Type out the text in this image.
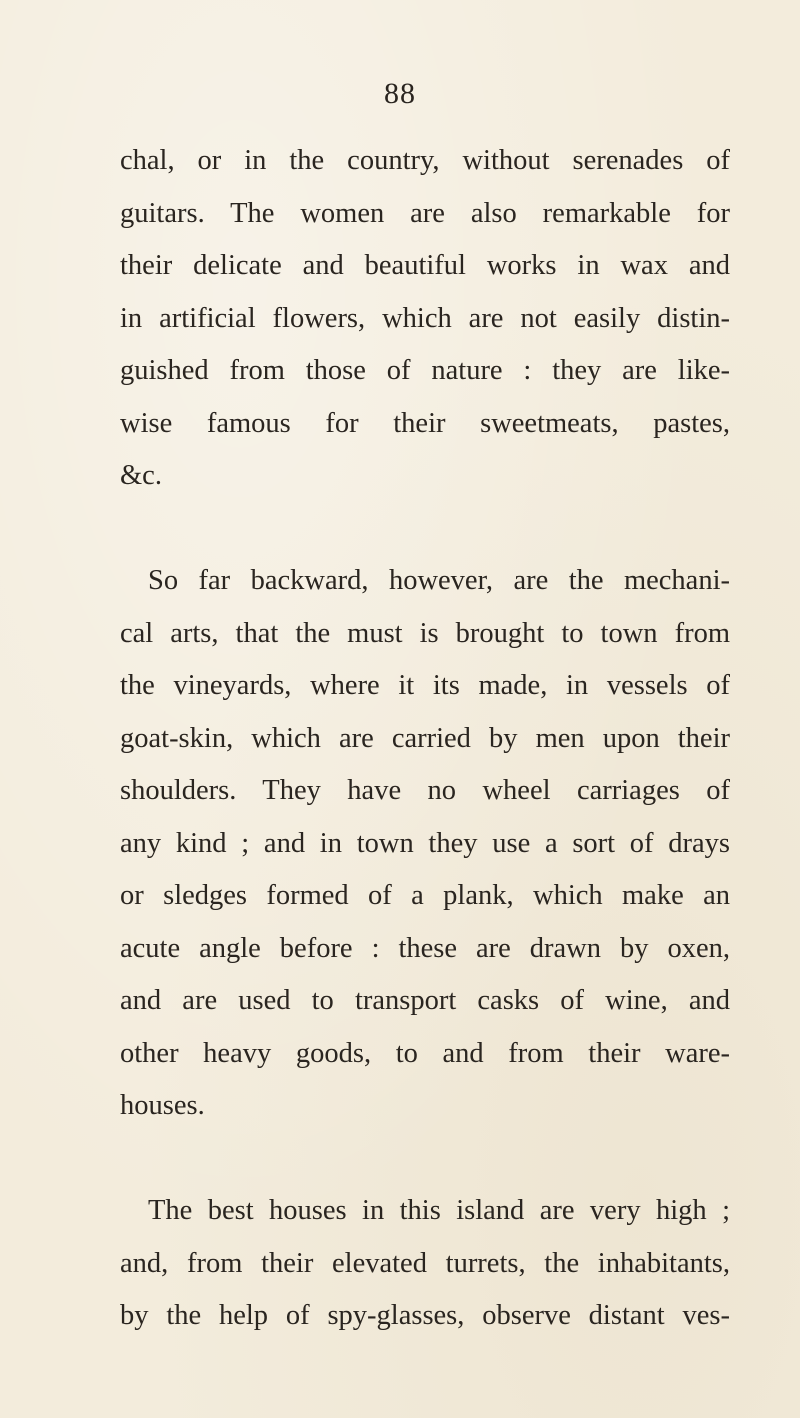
88

chal, or in the country, without serenades of
guitars. The women are also remarkable for
their delicate and beautiful works in wax and
in artificial flowers, which are not easily distin-
guished from those of nature : they are like-
wise famous for their sweetmeats, pastes,
&c.

So far backward, however, are the mechani-
cal arts, that the must is brought to town from
the vineyards, where it its made, in vessels of
goat-skin, which are carried by men upon their
shoulders. They have no wheel carriages of
any kind ; and in town they use a sort of drays
or sledges formed of a plank, which make an
acute angle before : these are drawn by oxen,
and are used to transport casks of wine, and
other heavy goods, to and from their ware-
houses.

The best houses in this island are very high ;
and, from their elevated turrets, the inhabitants,
by the help of spy-glasses, observe distant ves-
